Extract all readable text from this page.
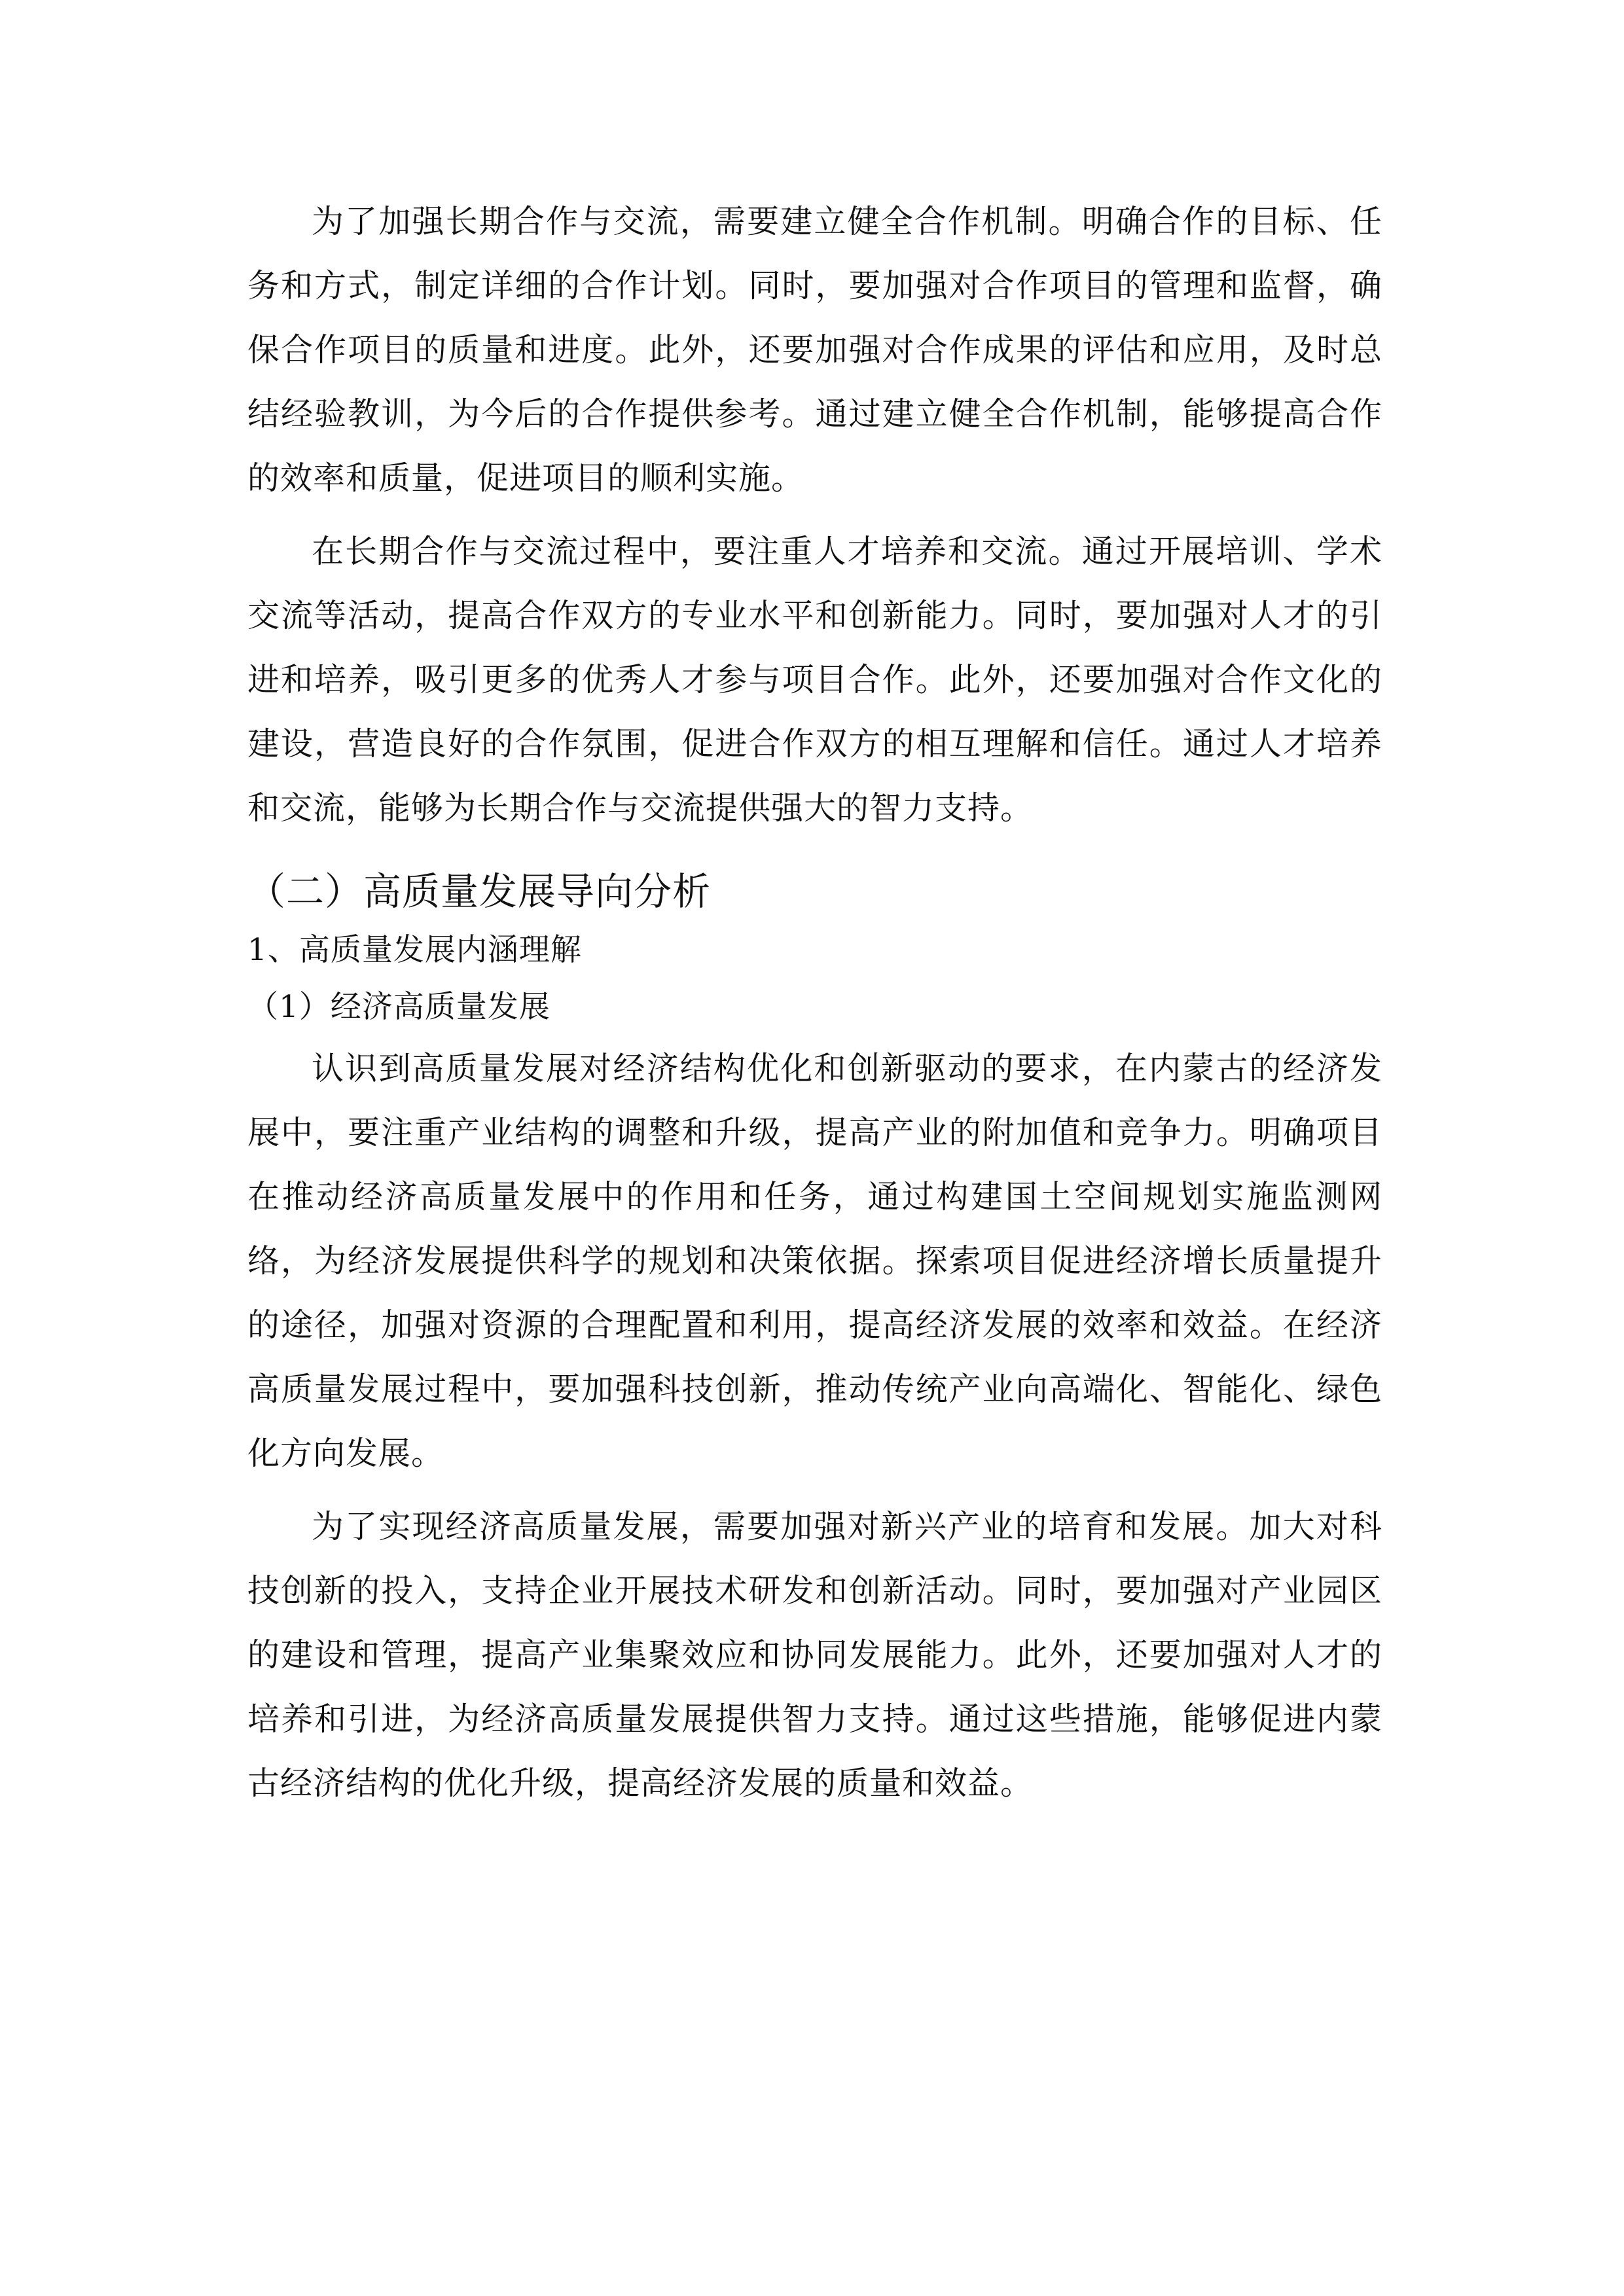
为了加强长期合作与交流，需要建立健全合作机制。明确合作的目标、任务和方式，制定详细的合作计划。同时，要加强对合作项目的管理和监督，确保合作项目的质量和进度。此外，还要加强对合作成果的评估和应用，及时总结经验教训，为今后的合作提供参考。通过建立健全合作机制，能够提高合作的效率和质量，促进项目的顺利实施。

在长期合作与交流过程中，要注重人才培养和交流。通过开展培训、学术交流等活动，提高合作双方的专业水平和创新能力。同时，要加强对人才的引进和培养，吸引更多的优秀人才参与项目合作。此外，还要加强对合作文化的建设，营造良好的合作氛围，促进合作双方的相互理解和信任。通过人才培养和交流，能够为长期合作与交流提供强大的智力支持。

（二）高质量发展导向分析
1、高质量发展内涵理解
（1）经济高质量发展

认识到高质量发展对经济结构优化和创新驱动的要求，在内蒙古的经济发展中，要注重产业结构的调整和升级，提高产业的附加值和竞争力。明确项目在推动经济高质量发展中的作用和任务，通过构建国土空间规划实施监测网络，为经济发展提供科学的规划和决策依据。探索项目促进经济增长质量提升的途径，加强对资源的合理配置和利用，提高经济发展的效率和效益。在经济高质量发展过程中，要加强科技创新，推动传统产业向高端化、智能化、绿色化方向发展。

为了实现经济高质量发展，需要加强对新兴产业的培育和发展。加大对科技创新的投入，支持企业开展技术研发和创新活动。同时，要加强对产业园区的建设和管理，提高产业集聚效应和协同发展能力。此外，还要加强对人才的培养和引进，为经济高质量发展提供智力支持。通过这些措施，能够促进内蒙古经济结构的优化升级，提高经济发展的质量和效益。
